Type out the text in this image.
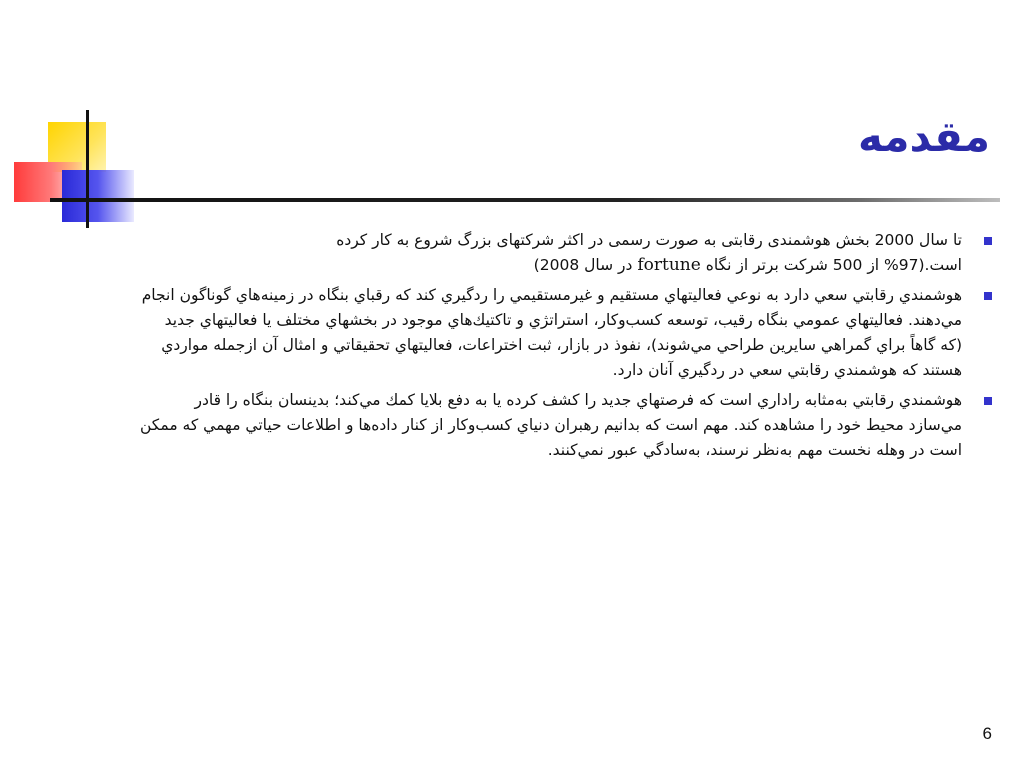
مقدمه
تا سال 2000 بخش هوشمندی رقابتی به صورت رسمی در اکثر شرکتهای بزرگ شروع به کار کرده
است.(97% از 500 شرکت برتر از نگاه fortune در سال 2008)
هوشمندي رقابتي سعي دارد به نوعي فعاليتهاي مستقيم و غيرمستقيمي را ردگيري كند كه رقباي بنگاه در زمينه‌هاي گوناگون انجام مي‌دهند. فعاليتهاي عمومي بنگاه رقيب، توسعه كسب‌وكار، استراتژي و تاكتيك‌هاي موجود در بخشهاي مختلف يا فعاليتهاي جديد (كه گاهاً براي گمراهي سايرين طراحي مي‌شوند)، نفوذ در بازار، ثبت اختراعات، فعاليتهاي تحقيقاتي و امثال آن ازجمله مواردي هستند كه هوشمندي رقابتي سعي در ردگيري آنان دارد.
هوشمندي رقابتي به‌مثابه راداري است كه فرصتهاي جديد را كشف كرده يا به دفع بلايا كمك مي‌كند؛ بدينسان بنگاه را قادر مي‌سازد محيط خود را مشاهده كند. مهم است كه بدانيم رهبران دنياي كسب‌وكار از كنار داده‌ها و اطلاعات حياتي مهمي كه ممكن است در وهله نخست مهم به‌نظر نرسند، به‌سادگي عبور نمي‌كنند.
6
